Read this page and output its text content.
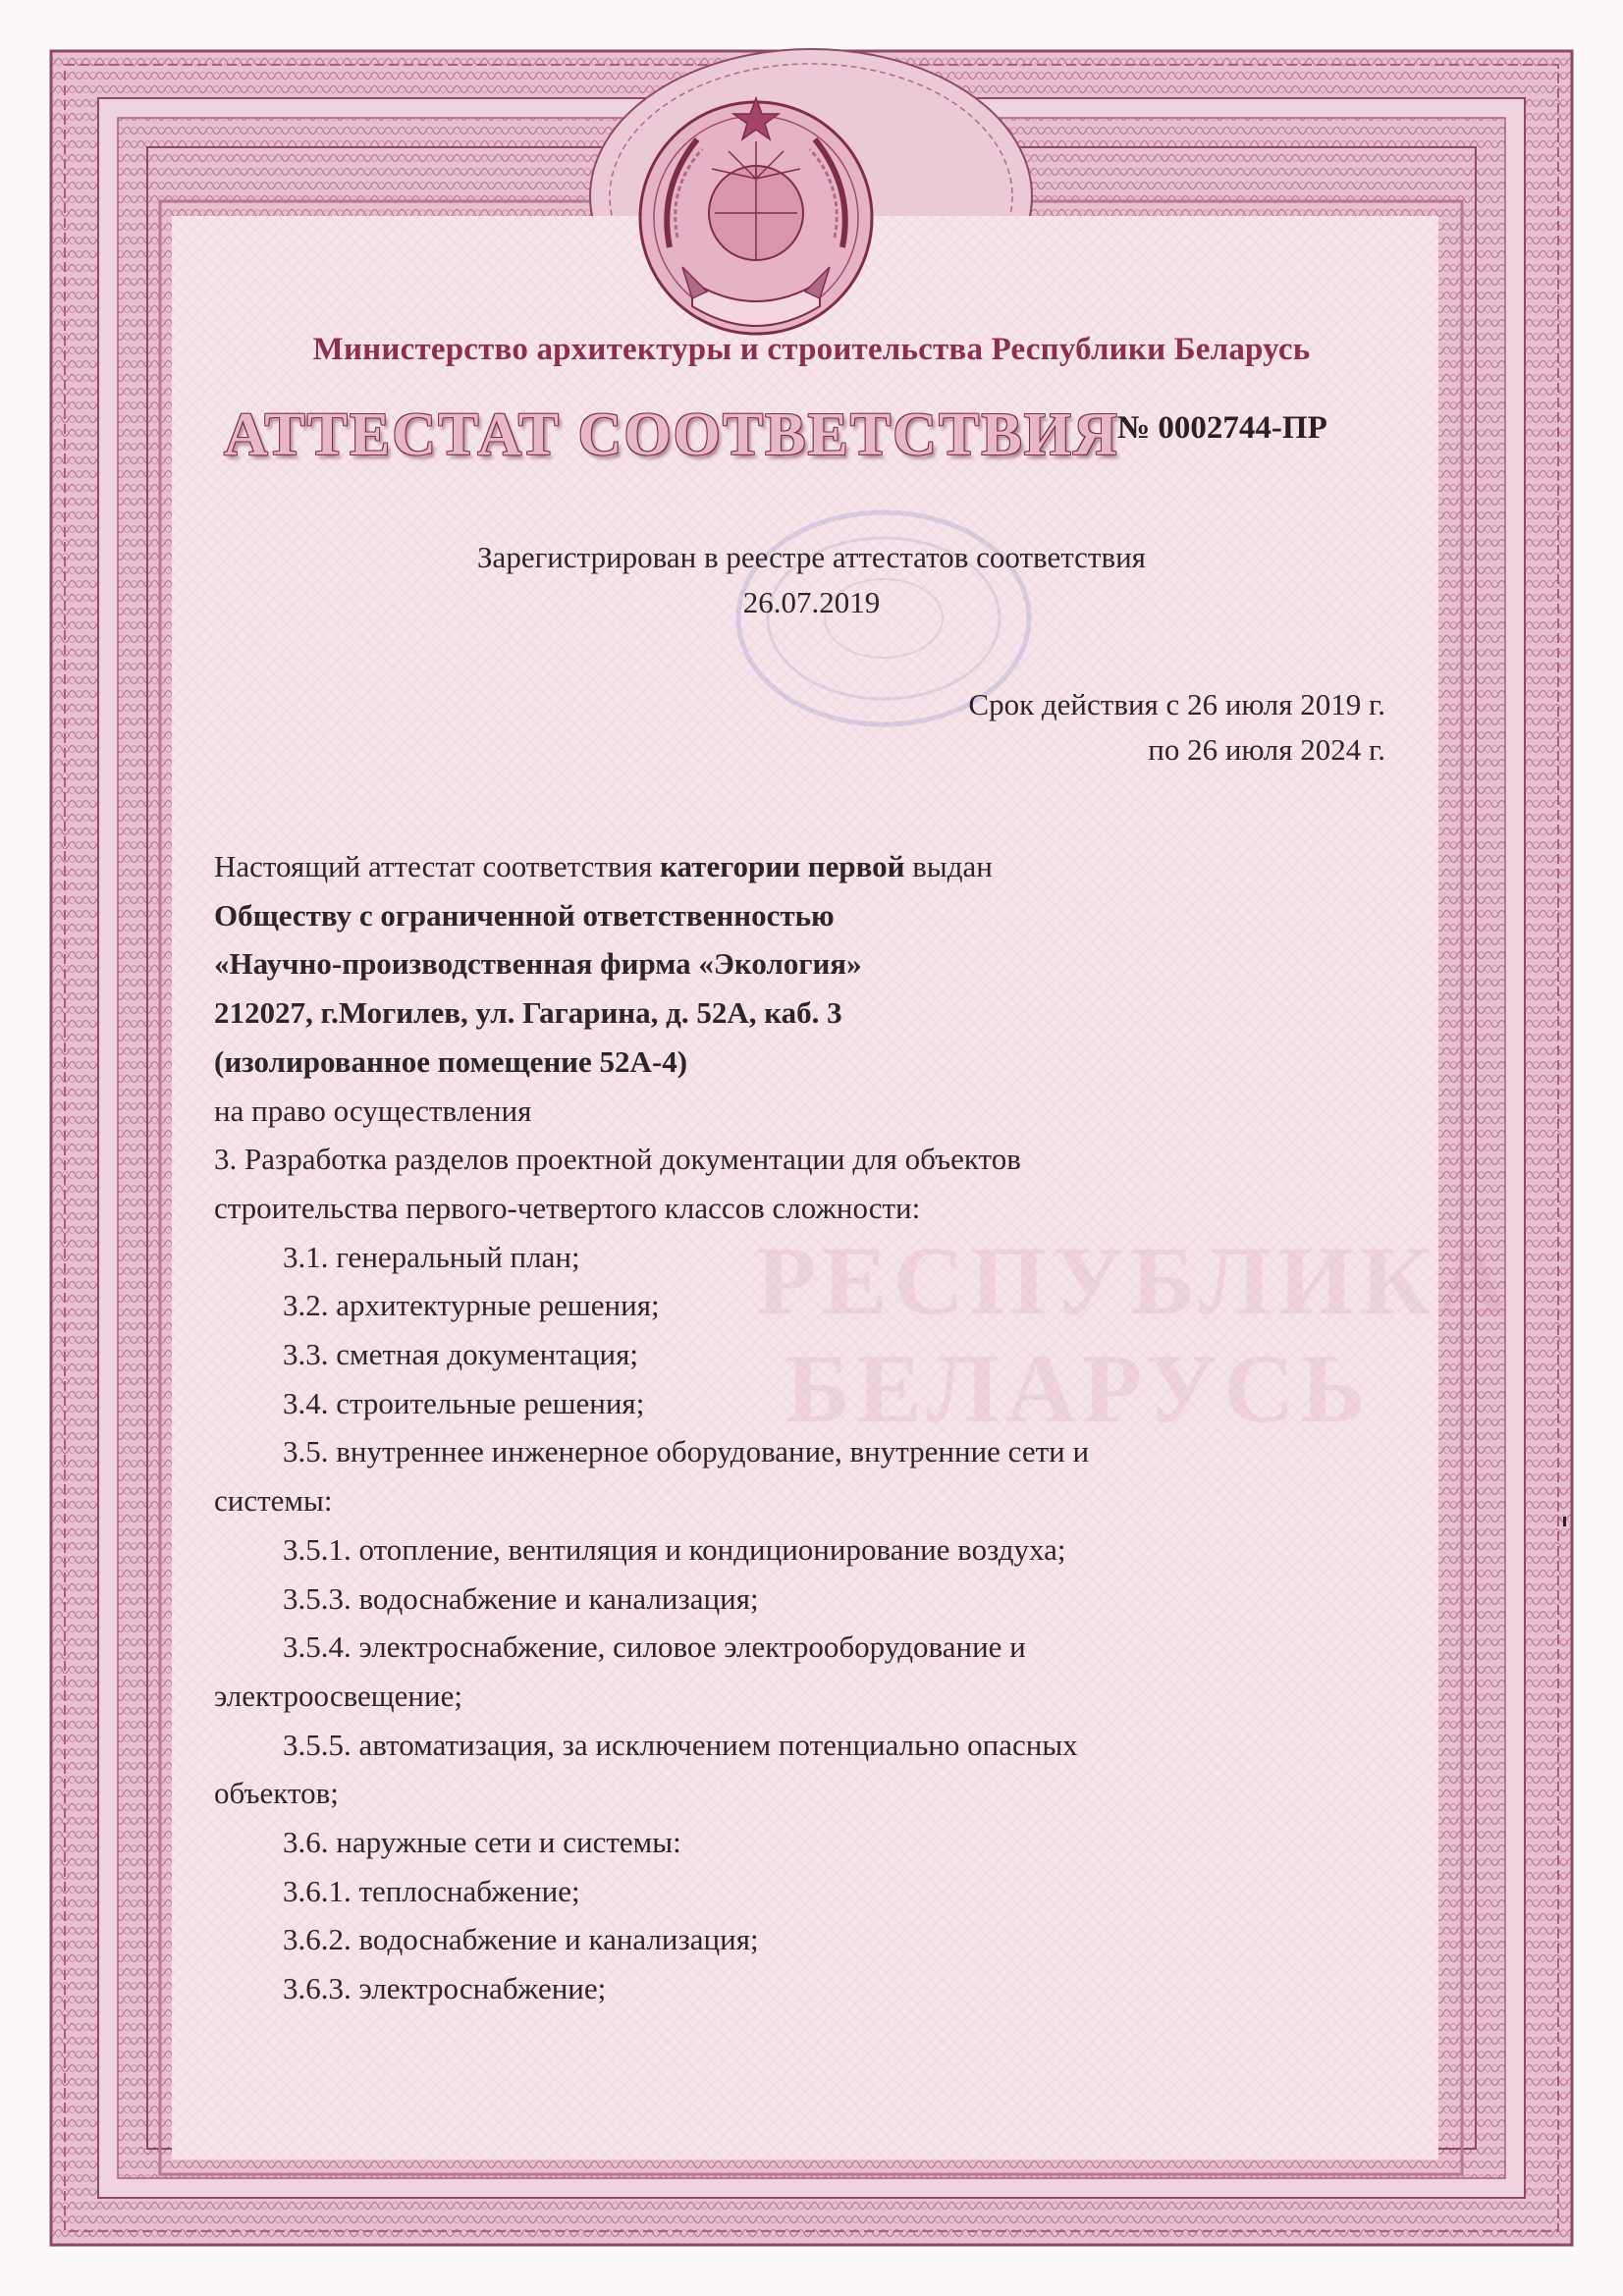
РЕСПУБЛИКА
БЕЛАРУСЬ
Министерство архитектуры и строительства Республики Беларусь
АТТЕСТАТ СООТВЕТСТВИЯ
№ 0002744-ПР
Зарегистрирован в реестре аттестатов соответствия
26.07.2019
Срок действия с 26 июля 2019 г.
по 26 июля 2024 г.
Настоящий аттестат соответствия категории первой выдан
Обществу с ограниченной ответственностью
«Научно-производственная фирма «Экология»
212027, г.Могилев, ул. Гагарина, д. 52А, каб. 3
(изолированное помещение 52А-4)
на право осуществления
3. Разработка разделов проектной документации для объектов
строительства первого-четвертого классов сложности:
3.1. генеральный план;
3.2. архитектурные решения;
3.3. сметная документация;
3.4. строительные решения;
3.5. внутреннее инженерное оборудование, внутренние сети и
системы:
3.5.1. отопление, вентиляция и кондиционирование воздуха;
3.5.3. водоснабжение и канализация;
3.5.4. электроснабжение, силовое электрооборудование и
электроосвещение;
3.5.5. автоматизация, за исключением потенциально опасных
объектов;
3.6. наружные сети и системы:
3.6.1. теплоснабжение;
3.6.2. водоснабжение и канализация;
3.6.3. электроснабжение;
